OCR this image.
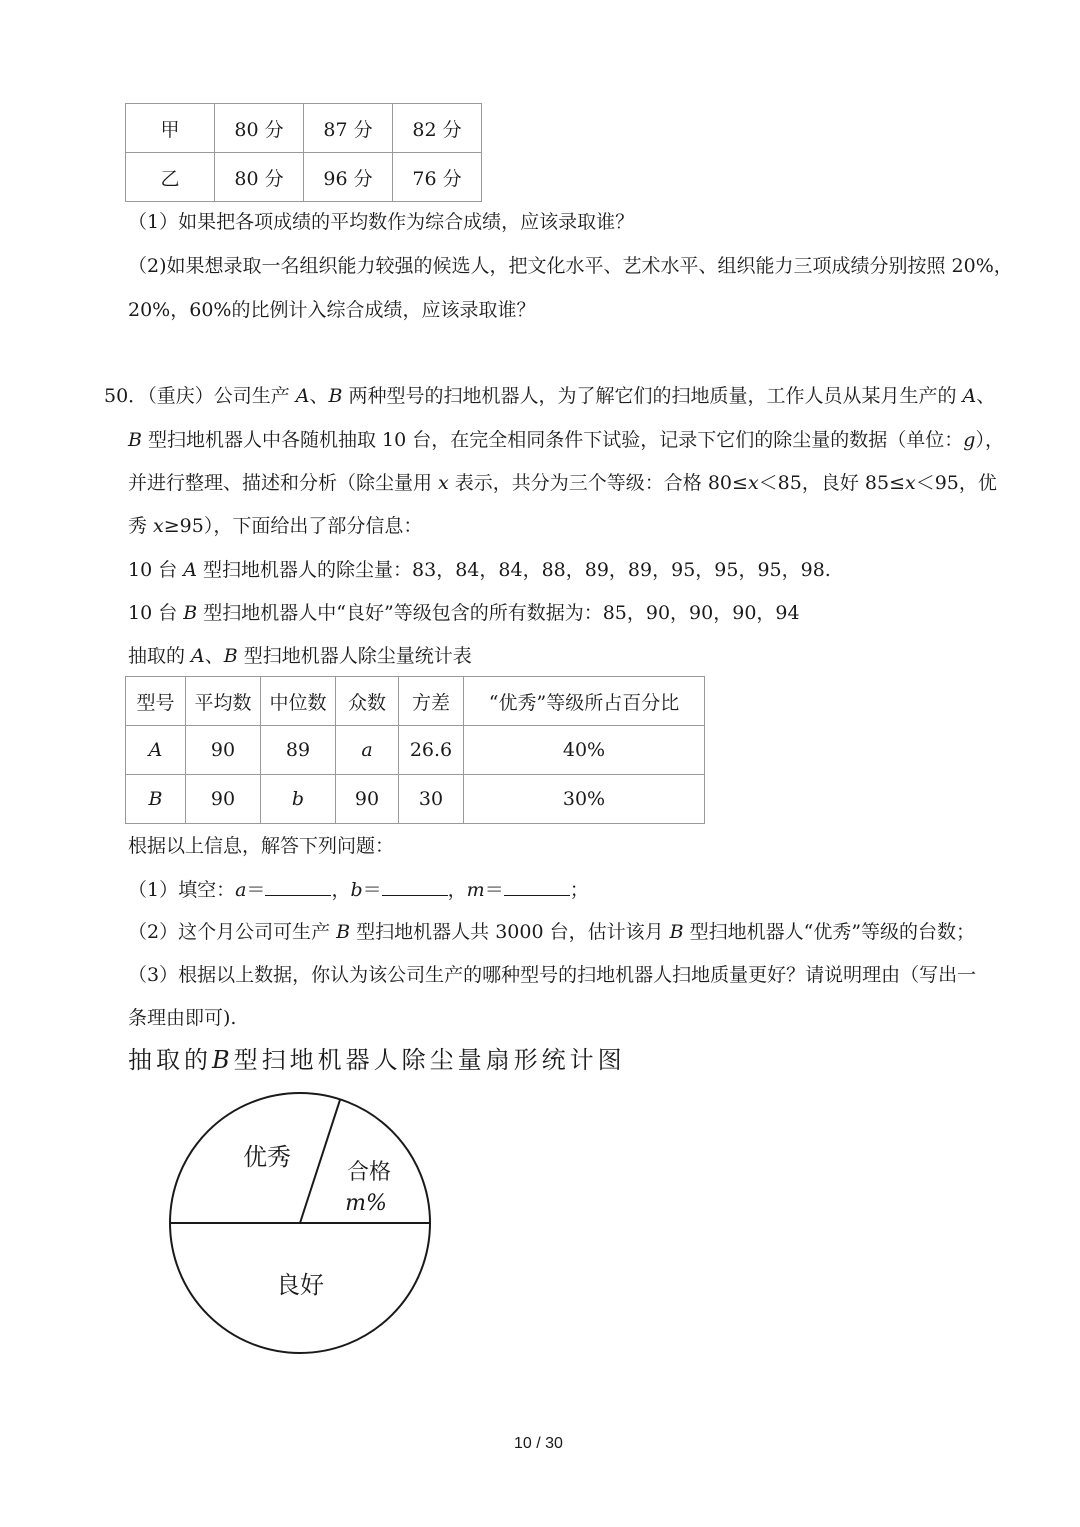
甲	80 分	87 分	82 分
乙	80 分	96 分	76 分
（1）如果把各项成绩的平均数作为综合成绩，应该录取谁？
（2)如果想录取一名组织能力较强的候选人，把文化水平、艺术水平、组织能力三项成绩分别按照 20%，
20%，60%的比例计入综合成绩，应该录取谁？
50．（重庆）公司生产 A、B 两种型号的扫地机器人，为了解它们的扫地质量，工作人员从某月生产的 A、
B 型扫地机器人中各随机抽取 10 台，在完全相同条件下试验，记录下它们的除尘量的数据（单位：g），
并进行整理、描述和分析（除尘量用 x 表示，共分为三个等级：合格 80≤x＜85，良好 85≤x＜95，优
秀 x≥95），下面给出了部分信息：
10 台 A 型扫地机器人的除尘量：83，84，84，88，89，89，95，95，95，98.
10 台 B 型扫地机器人中“良好”等级包含的所有数据为：85，90，90，90，94
抽取的 A、B 型扫地机器人除尘量统计表
型号	平均数	中位数	众数	方差	“优秀”等级所占百分比
A	90	89	a	26.6	40%
B	90	b	90	30	30%
根据以上信息，解答下列问题：
（1）填空：a＝	，b＝	，m＝	；
（2）这个月公司可生产 B 型扫地机器人共 3000 台，估计该月 B 型扫地机器人“优秀”等级的台数；
（3）根据以上数据，你认为该公司生产的哪种型号的扫地机器人扫地质量更好？请说明理由（写出一
条理由即可).
抽取的B型扫地机器人除尘量扇形统计图
优秀
合格
m%
良好
10 / 30
